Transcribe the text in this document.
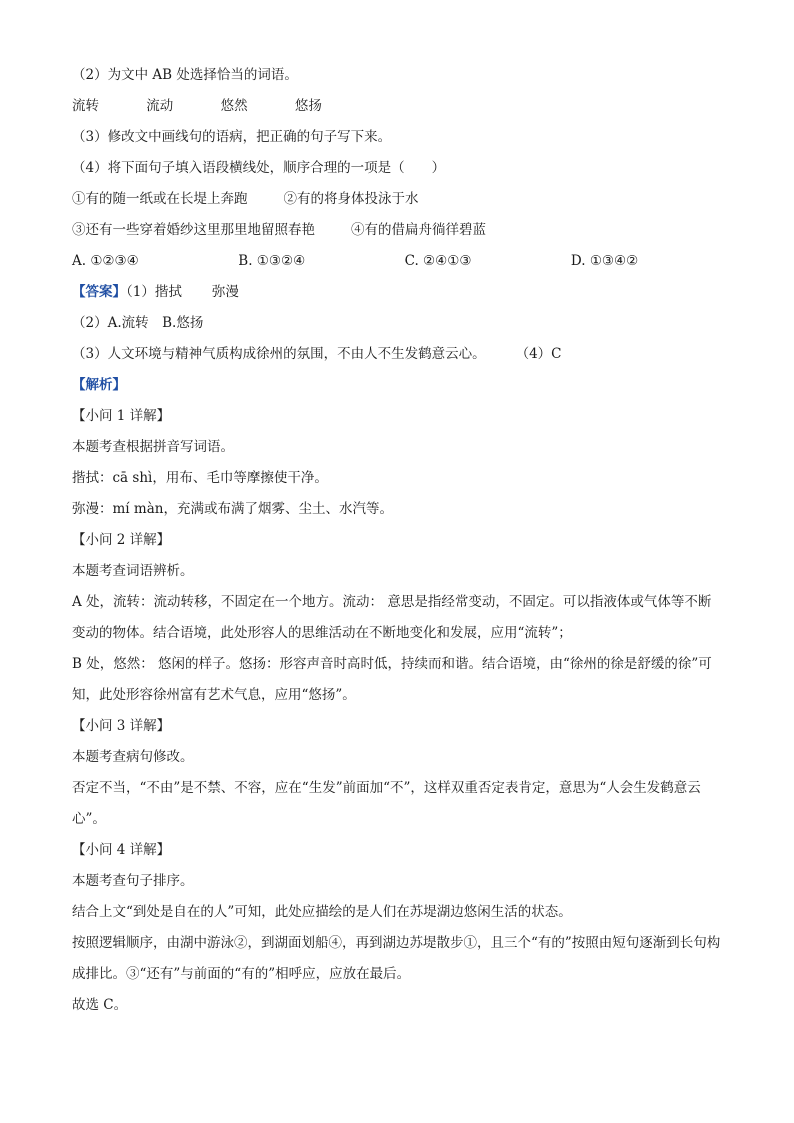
（2）为文中 AB 处选择恰当的词语。
流转	流动	悠然	悠扬
（3）修改文中画线句的语病，把正确的句子写下来。
（4）将下面句子填入语段横线处，顺序合理的一项是（　　）
①有的随一纸或在长堤上奔跑	②有的将身体投泳于水
③还有一些穿着婚纱这里那里地留照春艳	④有的借扁舟徜徉碧蓝
A. ①②③④	B. ①③②④	C. ②④①③	D. ①③④②
【答案】（1）揩拭 弥漫
（2）A.流转　B.悠扬
（3）人文环境与精神气质构成徐州的氛围，不由人不生发鹤意云心。 （4）C
【解析】
【小问 1 详解】
本题考查根据拼音写词语。
揩拭：cā shì，用布、毛巾等摩擦使干净。
弥漫：mí màn，充满或布满了烟雾、尘土、水汽等。
【小问 2 详解】
本题考查词语辨析。
A 处，流转：流动转移，不固定在一个地方。流动： 意思是指经常变动，不固定。可以指液体或气体等不断变动的物体。结合语境，此处形容人的思维活动在不断地变化和发展，应用“流转”；
B 处，悠然： 悠闲的样子。悠扬：形容声音时高时低，持续而和谐。结合语境，由“徐州的徐是舒缓的徐”可知，此处形容徐州富有艺术气息，应用“悠扬”。
【小问 3 详解】
本题考查病句修改。
否定不当，“不由”是不禁、不容，应在“生发”前面加“不”，这样双重否定表肯定，意思为“人会生发鹤意云心”。
【小问 4 详解】
本题考查句子排序。
结合上文“到处是自在的人”可知，此处应描绘的是人们在苏堤湖边悠闲生活的状态。
按照逻辑顺序，由湖中游泳②，到湖面划船④，再到湖边苏堤散步①，且三个“有的”按照由短句逐渐到长句构成排比。③“还有”与前面的“有的”相呼应，应放在最后。
故选 C。
